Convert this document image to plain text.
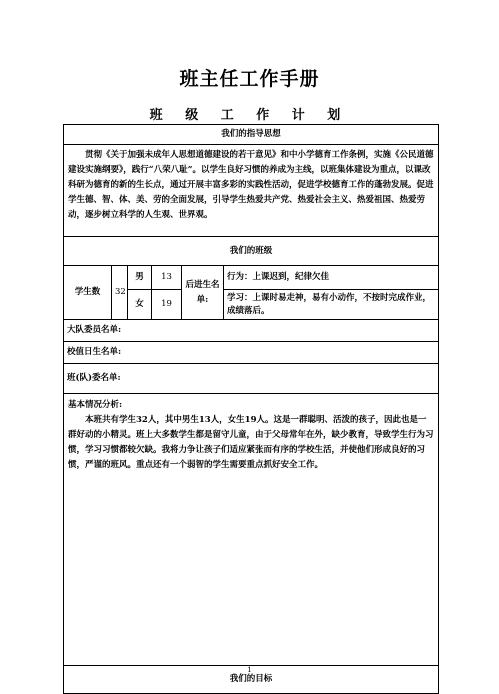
班主任工作手册
班 级 工 作 计 划
我们的指导思想					
贯彻《关于加强未成年人思想道德建设的若干意见》和中小学德育工作条例，实施《公民道德建设实施纲要》，践行“八荣八耻”。以学生良好习惯的养成为主线，以班集体建设为重点，以课改科研为德育的新的生长点，通过开展丰富多彩的实践性活动，促进学校德育工作的蓬勃发展。促进学生德、智、体、美、劳的全面发展，引导学生热爱共产党、热爱社会主义、热爱祖国、热爱劳动，逐步树立科学的人生观、世界观。					
我们的班级					
学生数	32	男	13	后进生名 单:	行为：上课迟到，纪律欠佳
		女	19		学习：上课时易走神，易有小动作，不按时完成作业，成绩落后。
大队委员名单:					
校值日生名单:					
班(队)委名单:					

基本情况分析:
本班共有学生32人，其中男生13人，女生19人。这是一群聪明、活泼的孩子，因此也是一群好动的小精灵。班上大多数学生都是留守儿童，由于父母常年在外，缺少教育，导致学生行为习惯，学习习惯都较欠缺。我将力争让孩子们适应紧张而有序的学校生活，并使他们形成良好的习惯，严谨的班风。重点还有一个弱智的学生需要重点抓好安全工作。					

我们的目标					
1
